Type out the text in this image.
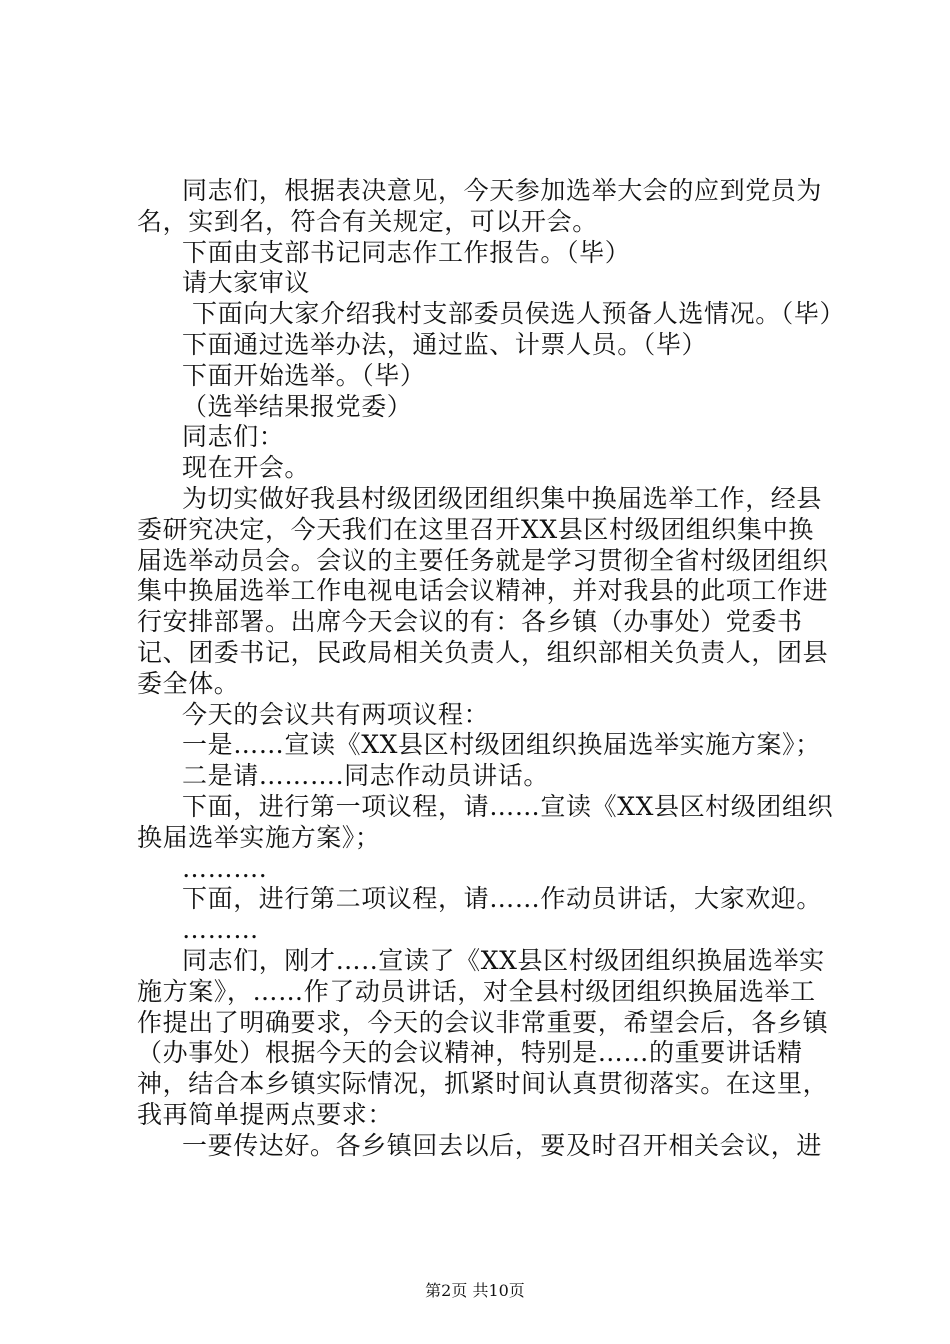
同志们，根据表决意见，今天参加选举大会的应到党员为名，实到名，符合有关规定，可以开会。

下面由支部书记同志作工作报告。（毕）

请大家审议

下面向大家介绍我村支部委员侯选人预备人选情况。（毕）

下面通过选举办法，通过监、计票人员。（毕）

下面开始选举。（毕）

（选举结果报党委）

同志们：

现在开会。

为切实做好我县村级团级团组织集中换届选举工作，经县委研究决定，今天我们在这里召开XX县区村级团组织集中换届选举动员会。会议的主要任务就是学习贯彻全省村级团组织集中换届选举工作电视电话会议精神，并对我县的此项工作进行安排部署。出席今天会议的有：各乡镇（办事处）党委书记、团委书记，民政局相关负责人，组织部相关负责人，团县委全体。

今天的会议共有两项议程：

一是……宣读《XX县区村级团组织换届选举实施方案》；

二是请……….同志作动员讲话。

下面，进行第一项议程，请……宣读《XX县区村级团组织换届选举实施方案》；

……….

下面，进行第二项议程，请……作动员讲话，大家欢迎。

………

同志们，刚才…..宣读了《XX县区村级团组织换届选举实施方案》，……作了动员讲话，对全县村级团组织换届选举工作提出了明确要求，今天的会议非常重要，希望会后，各乡镇（办事处）根据今天的会议精神，特别是……的重要讲话精神，结合本乡镇实际情况，抓紧时间认真贯彻落实。在这里，我再简单提两点要求：

一要传达好。各乡镇回去以后，要及时召开相关会议，进

第2页 共10页
